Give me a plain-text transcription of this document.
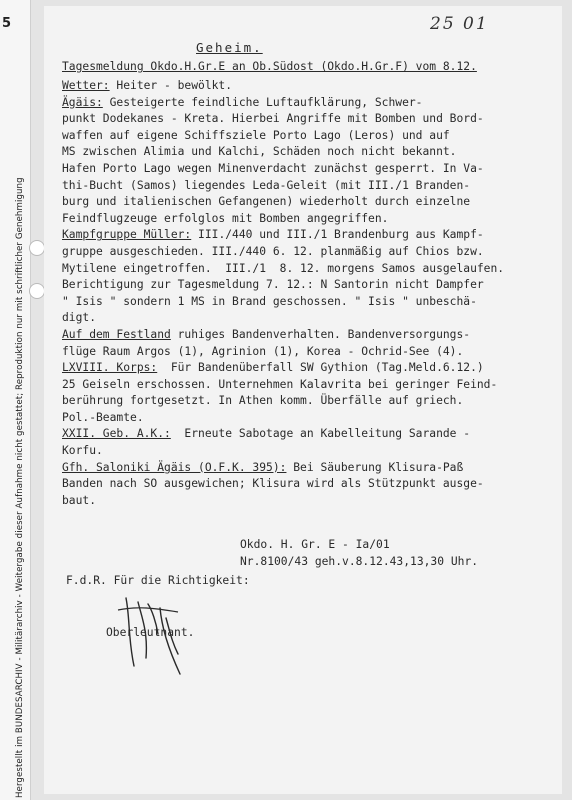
5
Hergestellt im BUNDESARCHIV - Militärarchiv - Weitergabe dieser Aufnahme nicht gestattet; Reproduktion nur mit schriftlicher Genehmigung
25 01
Geheim.
Tagesmeldung Okdo.H.Gr.E an Ob.Südost (Okdo.H.Gr.F) vom 8.12.
Wetter: Heiter - bewölkt.
Ägäis: Gesteigerte feindliche Luftaufklärung, Schwer-
punkt Dodekanes - Kreta. Hierbei Angriffe mit Bomben und Bord-
waffen auf eigene Schiffsziele Porto Lago (Leros) und auf
MS zwischen Alimia und Kalchi, Schäden noch nicht bekannt.
Hafen Porto Lago wegen Minenverdacht zunächst gesperrt. In Va-
thi-Bucht (Samos) liegendes Leda-Geleit (mit III./1 Branden-
burg und italienischen Gefangenen) wiederholt durch einzelne
Feindflugzeuge erfolglos mit Bomben angegriffen.
Kampfgruppe Müller: III./440 und III./1 Brandenburg aus Kampf-
gruppe ausgeschieden. III./440 6. 12. planmäßig auf Chios bzw.
Mytilene eingetroffen.  III./1  8. 12. morgens Samos ausgelaufen.
Berichtigung zur Tagesmeldung 7. 12.: N Santorin nicht Dampfer
" Isis " sondern 1 MS in Brand geschossen. " Isis " unbeschä-
digt.
Auf dem Festland ruhiges Bandenverhalten. Bandenversorgungs-
flüge Raum Argos (1), Agrinion (1), Korea - Ochrid-See (4).
LXVIII. Korps:  Für Bandenüberfall SW Gythion (Tag.Meld.6.12.)
25 Geiseln erschossen. Unternehmen Kalavrita bei geringer Feind-
berührung fortgesetzt. In Athen komm. Überfälle auf griech.
Pol.-Beamte.
XXII. Geb. A.K.:  Erneute Sabotage an Kabelleitung Sarande -
Korfu.
Gfh. Saloniki Ägäis (O.F.K. 395): Bei Säuberung Klisura-Paß
Banden nach SO ausgewichen; Klisura wird als Stützpunkt ausge-
baut.
Okdo. H. Gr. E - Ia/01
Nr.8100/43 geh.v.8.12.43,13,30 Uhr.
F.d.R. Für die Richtigkeit:
Oberleutnant.
